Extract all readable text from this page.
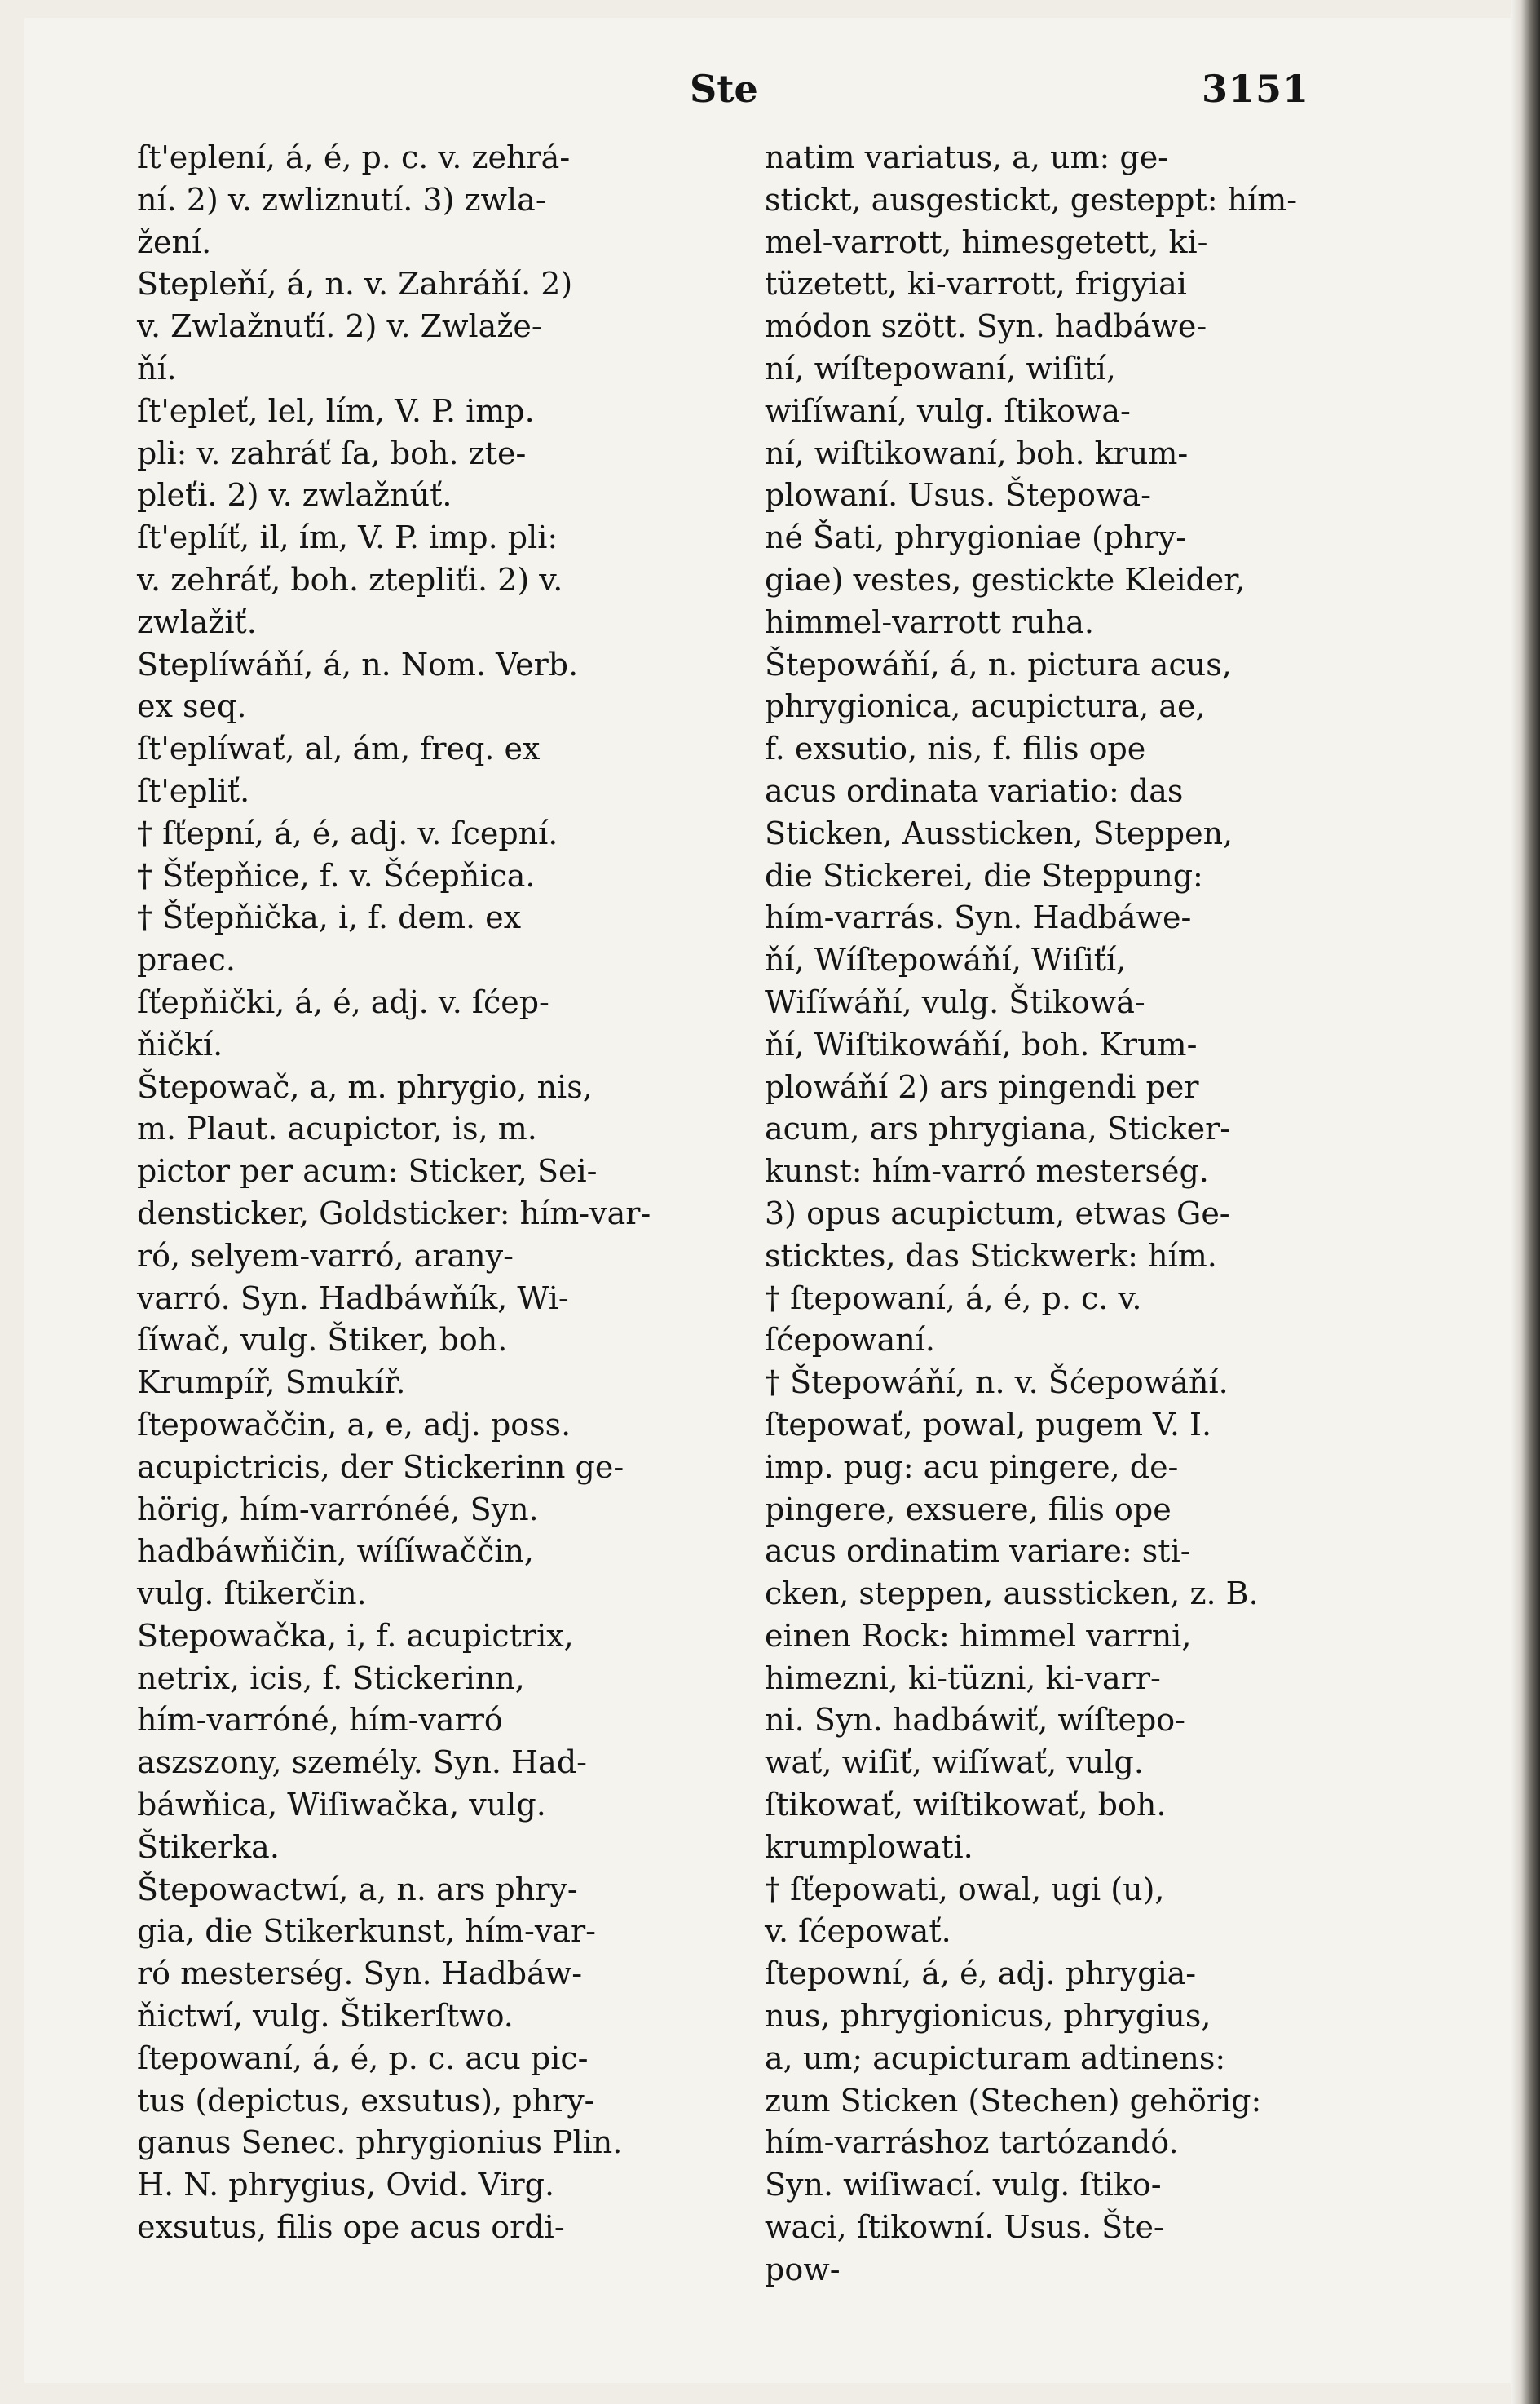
Ste	3151
ſt'eplení, á, é, p. c. v. zehrá-
ní. 2) v. zwliznutí. 3) zwla-
žení.
Stepleňí, á, n. v. Zahráňí. 2)
v. Zwlažnuťí. 2) v. Zwlaže-
ňí.
ſt'epleť, lel, lím, V. P. imp.
pli: v. zahráť ſa, boh. zte-
pleťi. 2) v. zwlažnúť.
ſt'eplíť, il, ím, V. P. imp. pli:
v. zehráť, boh. ztepliťi. 2) v.
zwlažiť.
Steplíwáňí, á, n. Nom. Verb.
ex seq.
ſt'eplíwať, al, ám, freq. ex
ſt'epliť.
† ſťepní, á, é, adj. v. ſcepní.
† Šťepňice, f. v. Šćepňica.
† Šťepňička, i, f. dem. ex
praec.
ſťepňički, á, é, adj. v. ſćep-
ňičkí.
Štepowač, a, m. phrygio, nis,
m. Plaut. acupictor, is, m.
pictor per acum: Sticker, Sei-
densticker, Goldsticker: hím-var-
ró, selyem-varró, arany-
varró. Syn. Hadbáwňík, Wi-
ſíwač, vulg. Štiker, boh.
Krumpíř, Smukíř.
ſtepowaččin, a, e, adj. poss.
acupictricis, der Stickerinn ge-
hörig, hím-varrónéé, Syn.
hadbáwňičin, wíſíwaččin,
vulg. ſtikerčin.
Stepowačka, i, f. acupictrix,
netrix, icis, f. Stickerinn,
hím-varróné, hím-varró
aszszony, személy. Syn. Had-
báwňica, Wiſiwačka, vulg.
Štikerka.
Štepowactwí, a, n. ars phry-
gia, die Stikerkunst, hím-var-
ró mesterség. Syn. Hadbáw-
ňictwí, vulg. Štikerſtwo.
ſtepowaní, á, é, p. c. acu pic-
tus (depictus, exsutus), phry-
ganus Senec. phrygionius Plin.
H. N. phrygius, Ovid. Virg.
exsutus, filis ope acus ordi-
natim variatus, a, um: ge-
stickt, ausgestickt, gesteppt: hím-
mel-varrott, himesgetett, ki-
tüzetett, ki-varrott, frigyiai
módon szött. Syn. hadbáwe-
ní, wíſtepowaní, wiſití,
wiſíwaní, vulg. ſtikowa-
ní, wiſtikowaní, boh. krum-
plowaní. Usus. Štepowa-
né Šati, phrygioniae (phry-
giae) vestes, gestickte Kleider,
himmel-varrott ruha.
Štepowáňí, á, n. pictura acus,
phrygionica, acupictura, ae,
f. exsutio, nis, f. filis ope
acus ordinata variatio: das
Sticken, Aussticken, Steppen,
die Stickerei, die Steppung:
hím-varrás. Syn. Hadbáwe-
ňí, Wíſtepowáňí, Wiſiťí,
Wiſíwáňí, vulg. Štikowá-
ňí, Wiſtikowáňí, boh. Krum-
plowáňí 2) ars pingendi per
acum, ars phrygiana, Sticker-
kunst: hím-varró mesterség.
3) opus acupictum, etwas Ge-
sticktes, das Stickwerk: hím.
† ſtepowaní, á, é, p. c. v.
ſćepowaní.
† Štepowáňí, n. v. Šćepowáňí.
ſtepowať, powal, pugem V. I.
imp. pug: acu pingere, de-
pingere, exsuere, filis ope
acus ordinatim variare: sti-
cken, steppen, aussticken, z. B.
einen Rock: himmel varrni,
himezni, ki-tüzni, ki-varr-
ni. Syn. hadbáwiť, wíſtepo-
wať, wiſiť, wiſíwať, vulg.
ſtikowať, wiſtikowať, boh.
krumplowati.
† ſťepowati, owal, ugi (u),
v. ſćepowať.
ſtepowní, á, é, adj. phrygia-
nus, phrygionicus, phrygius,
a, um; acupicturam adtinens:
zum Sticken (Stechen) gehörig:
hím-varráshoz tartózandó.
Syn. wiſiwací. vulg. ſtiko-
waci, ſtikowní. Usus. Šte-
pow-
